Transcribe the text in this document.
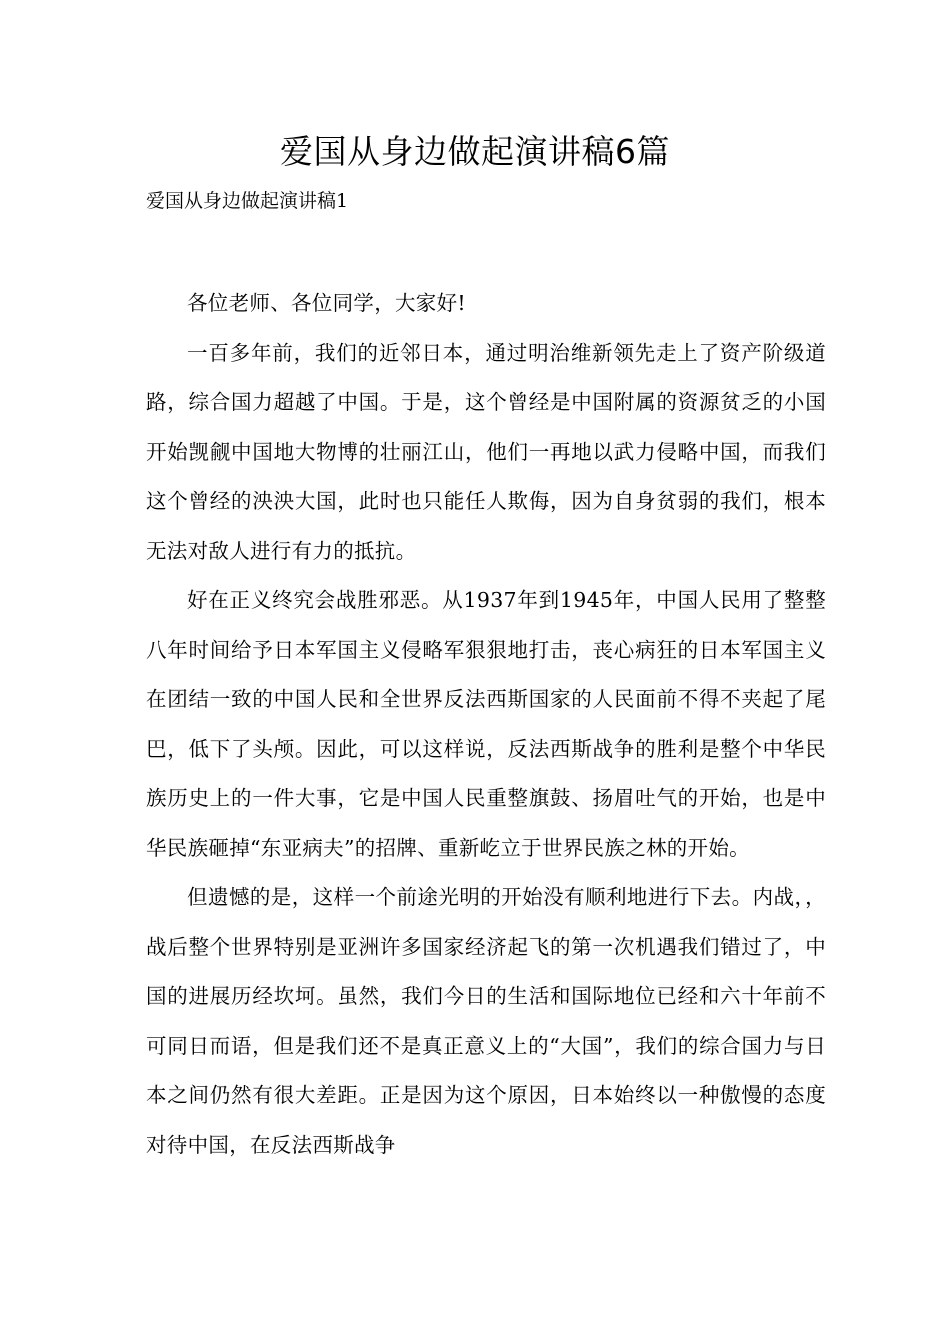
爱国从身边做起演讲稿6篇

爱国从身边做起演讲稿1

各位老师、各位同学，大家好!

一百多年前，我们的近邻日本，通过明治维新领先走上了资产阶级道路，综合国力超越了中国。于是，这个曾经是中国附属的资源贫乏的小国开始觊觎中国地大物博的壮丽江山，他们一再地以武力侵略中国，而我们这个曾经的泱泱大国，此时也只能任人欺侮，因为自身贫弱的我们，根本无法对敌人进行有力的抵抗。

好在正义终究会战胜邪恶。从1937年到1945年，中国人民用了整整八年时间给予日本军国主义侵略军狠狠地打击，丧心病狂的日本军国主义在团结一致的中国人民和全世界反法西斯国家的人民面前不得不夹起了尾巴，低下了头颅。因此，可以这样说，反法西斯战争的胜利是整个中华民族历史上的一件大事，它是中国人民重整旗鼓、扬眉吐气的开始，也是中华民族砸掉“东亚病夫”的招牌、重新屹立于世界民族之林的开始。

但遗憾的是，这样一个前途光明的开始没有顺利地进行下去。内战，，战后整个世界特别是亚洲许多国家经济起飞的第一次机遇我们错过了，中国的进展历经坎坷。虽然，我们今日的生活和国际地位已经和六十年前不可同日而语，但是我们还不是真正意义上的“大国”，我们的综合国力与日本之间仍然有很大差距。正是因为这个原因，日本始终以一种傲慢的态度对待中国，在反法西斯战争
